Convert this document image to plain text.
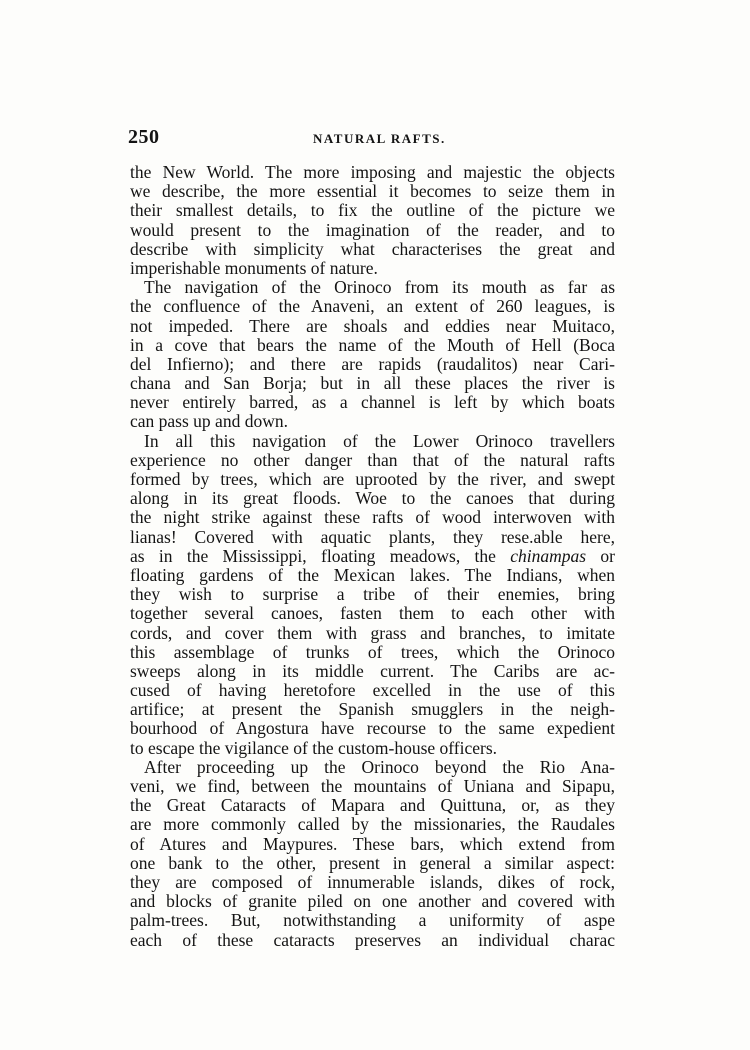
250	NATURAL RAFTS.
the New World. The more imposing and majestic the objects
we describe, the more essential it becomes to seize them in
their smallest details, to fix the outline of the picture we
would present to the imagination of the reader, and to
describe with simplicity what characterises the great and
imperishable monuments of nature.
The navigation of the Orinoco from its mouth as far as
the confluence of the Anaveni, an extent of 260 leagues, is
not impeded. There are shoals and eddies near Muitaco,
in a cove that bears the name of the Mouth of Hell (Boca
del Infierno); and there are rapids (raudalitos) near Cari-
chana and San Borja; but in all these places the river is
never entirely barred, as a channel is left by which boats
can pass up and down.
In all this navigation of the Lower Orinoco travellers
experience no other danger than that of the natural rafts
formed by trees, which are uprooted by the river, and swept
along in its great floods. Woe to the canoes that during
the night strike against these rafts of wood interwoven with
lianas! Covered with aquatic plants, they rese.able here,
as in the Mississippi, floating meadows, the chinampas or
floating gardens of the Mexican lakes. The Indians, when
they wish to surprise a tribe of their enemies, bring
together several canoes, fasten them to each other with
cords, and cover them with grass and branches, to imitate
this assemblage of trunks of trees, which the Orinoco
sweeps along in its middle current. The Caribs are ac-
cused of having heretofore excelled in the use of this
artifice; at present the Spanish smugglers in the neigh-
bourhood of Angostura have recourse to the same expedient
to escape the vigilance of the custom-house officers.
After proceeding up the Orinoco beyond the Rio Ana-
veni, we find, between the mountains of Uniana and Sipapu,
the Great Cataracts of Mapara and Quittuna, or, as they
are more commonly called by the missionaries, the Raudales
of Atures and Maypures. These bars, which extend from
one bank to the other, present in general a similar aspect:
they are composed of innumerable islands, dikes of rock,
and blocks of granite piled on one another and covered with
palm-trees. But, notwithstanding a uniformity of aspe
each of these cataracts preserves an individual charac
